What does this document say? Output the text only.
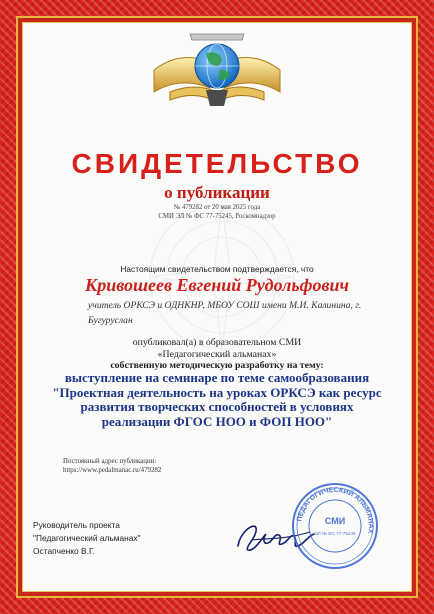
СВИДЕТЕЛЬСТВО
о публикации
№ 479282 от 20 мая 2025 года
СМИ ЭЛ № ФС 77-75245, Роскомнадзор
Настоящим свидетельством подтверждается, что
Кривошеев Евгений Рудольфович
учитель ОРКСЭ и ОДНКНР, МБОУ СОШ имени М.И. Калинина, г.
Бугуруслан
опубликовал(а) в образовательном СМИ
«Педагогический альманах»
собственную методическую разработку на тему:
выступление на семинаре по теме самообразования
"Проектная деятельность на уроках ОРКСЭ как ресурс
развития творческих способностей в условиях
реализации ФГОС НОО и ФОП НОО"
Постоянный адрес публикации:
https://www.pedalmanac.ru/479282
Руководитель проекта
"Педагогический альманах"
Остапченко В.Г.
ПЕДАГОГИЧЕСКИЙ АЛЬМАНАХ
СМИ
ЭЛ № ФС 77-75245
